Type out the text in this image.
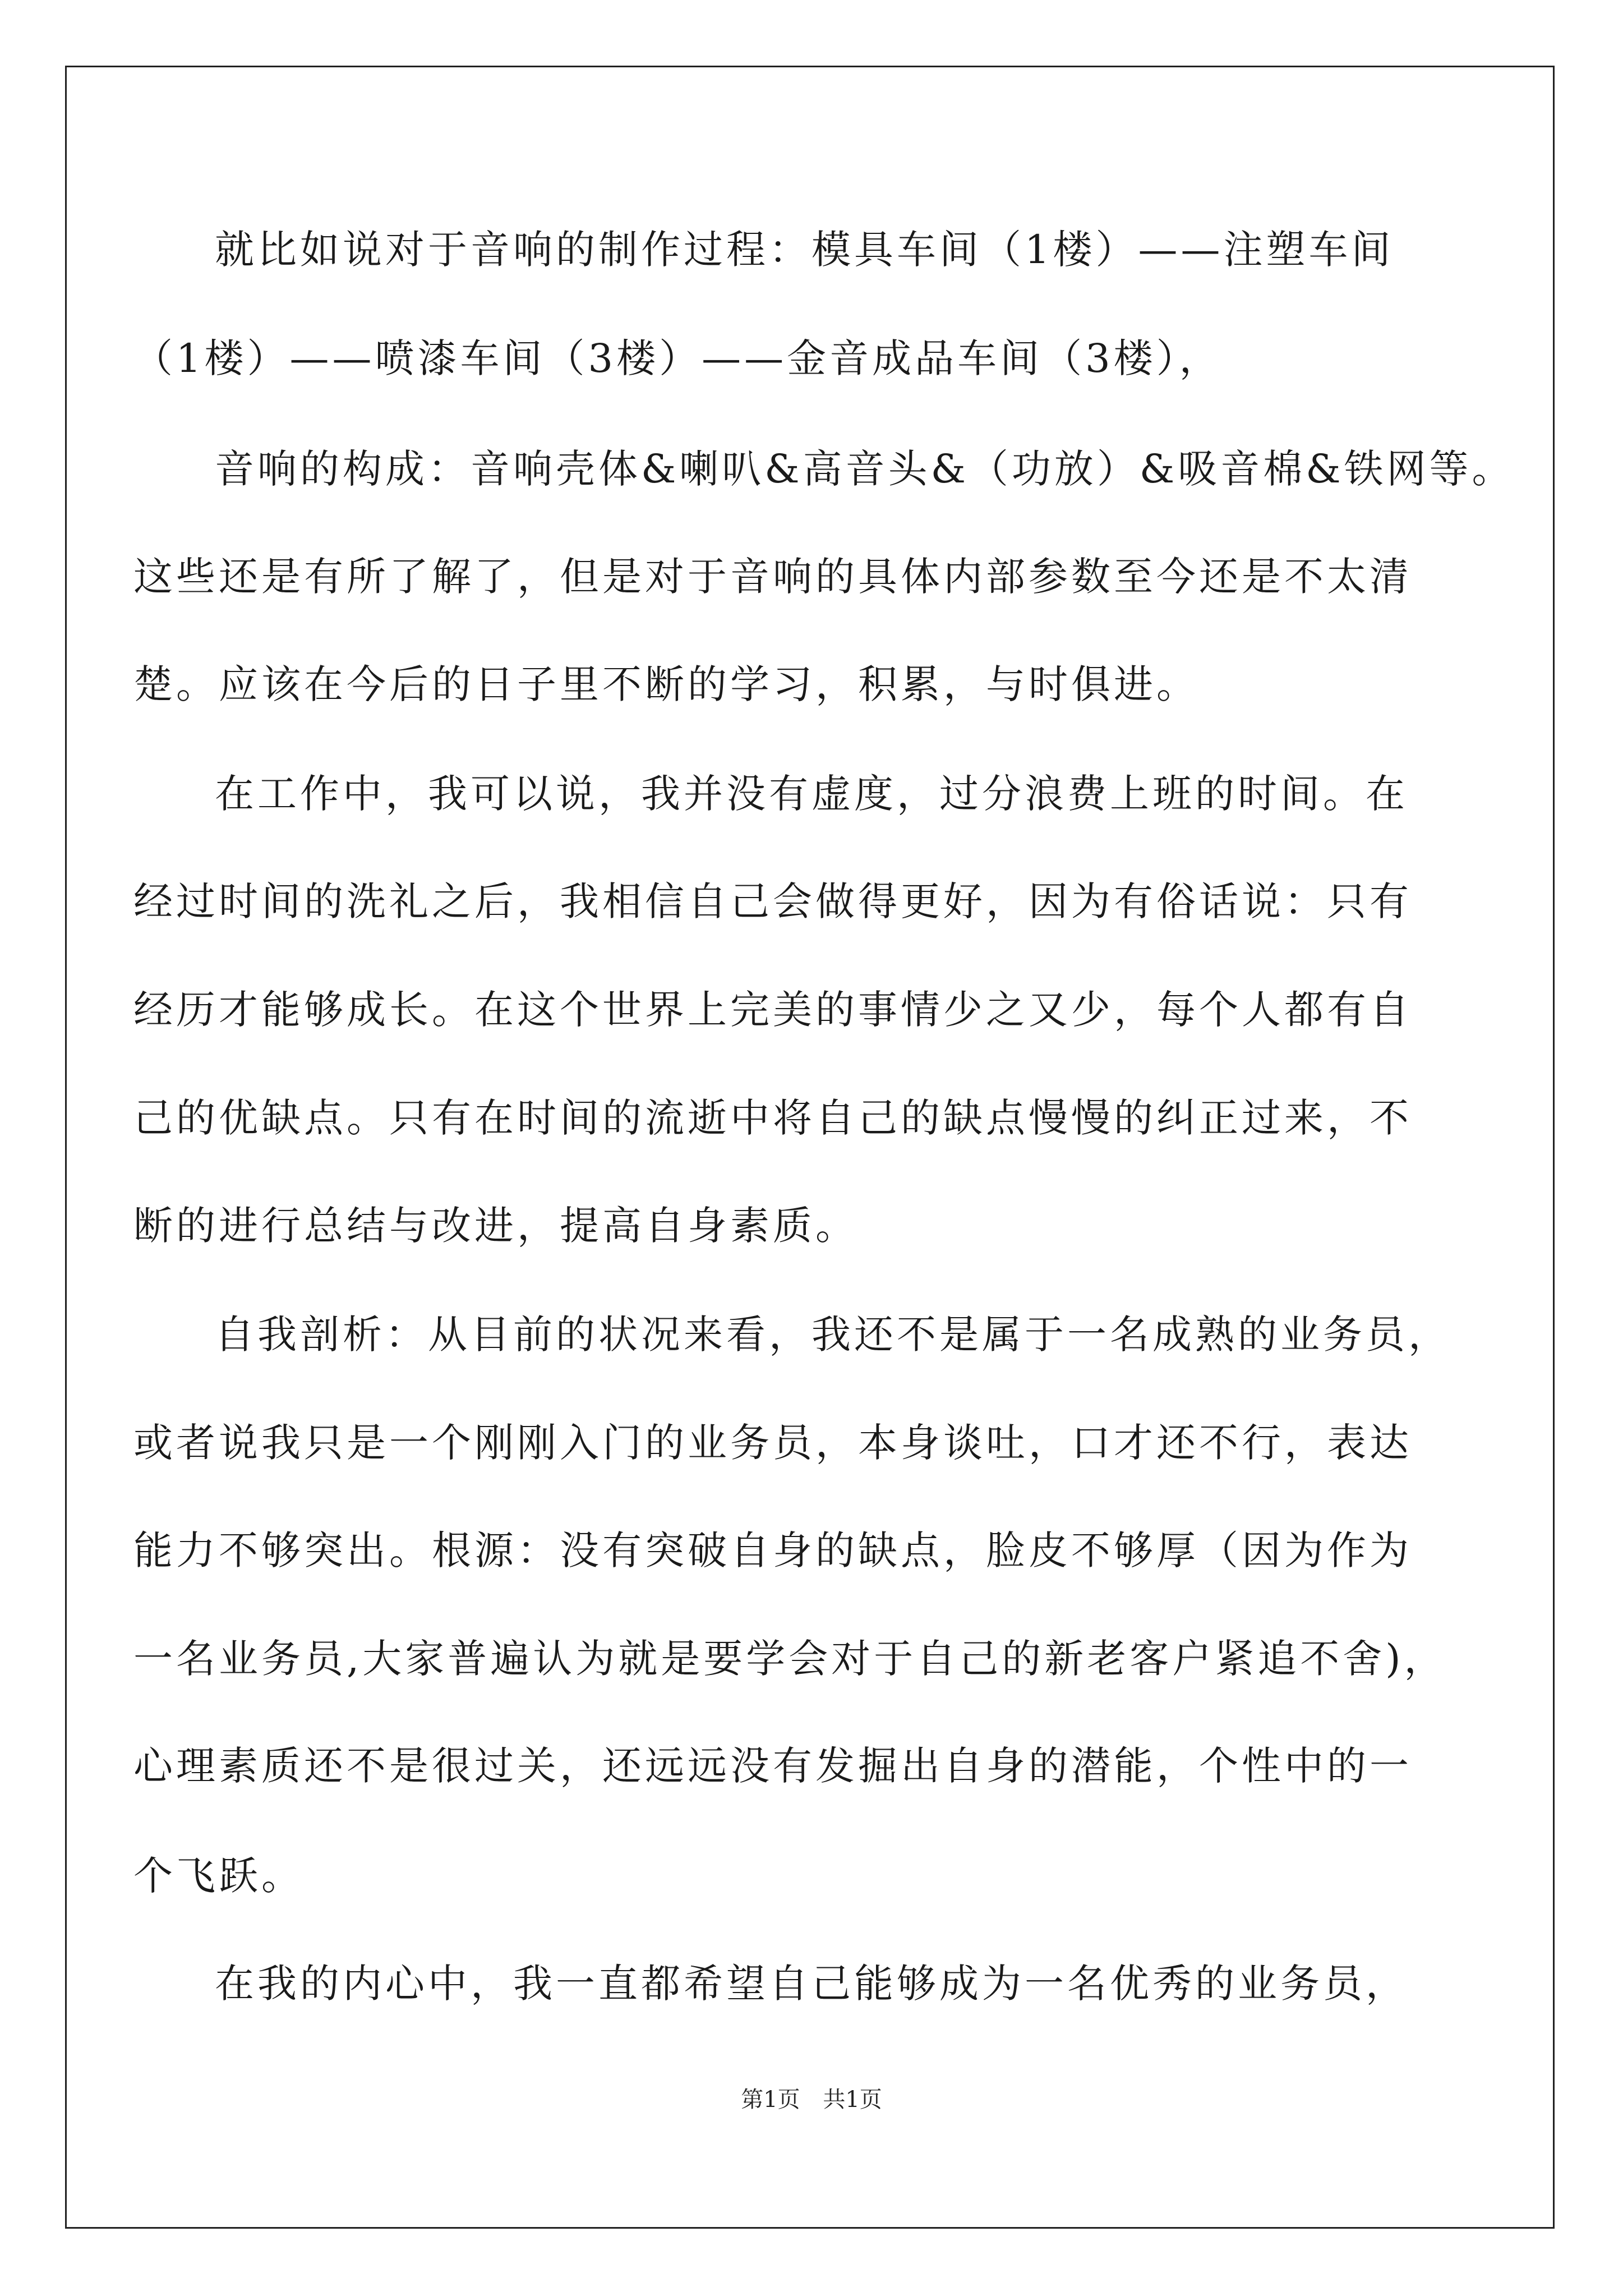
就比如说对于音响的制作过程：模具车间（1楼）——注塑车间
（1楼）——喷漆车间（3楼）——金音成品车间（3楼），
音响的构成：音响壳体&喇叭&高音头&（功放）&吸音棉&铁网等。
这些还是有所了解了，但是对于音响的具体内部参数至今还是不太清
楚。应该在今后的日子里不断的学习，积累，与时俱进。
在工作中，我可以说，我并没有虚度，过分浪费上班的时间。在
经过时间的洗礼之后，我相信自己会做得更好，因为有俗话说：只有
经历才能够成长。在这个世界上完美的事情少之又少，每个人都有自
己的优缺点。只有在时间的流逝中将自己的缺点慢慢的纠正过来，不
断的进行总结与改进，提高自身素质。
自我剖析：从目前的状况来看，我还不是属于一名成熟的业务员，
或者说我只是一个刚刚入门的业务员，本身谈吐，口才还不行，表达
能力不够突出。根源：没有突破自身的缺点，脸皮不够厚（因为作为
一名业务员,大家普遍认为就是要学会对于自己的新老客户紧追不舍)，
心理素质还不是很过关，还远远没有发掘出自身的潜能，个性中的一
个飞跃。
在我的内心中，我一直都希望自己能够成为一名优秀的业务员，
第1页 共1页
